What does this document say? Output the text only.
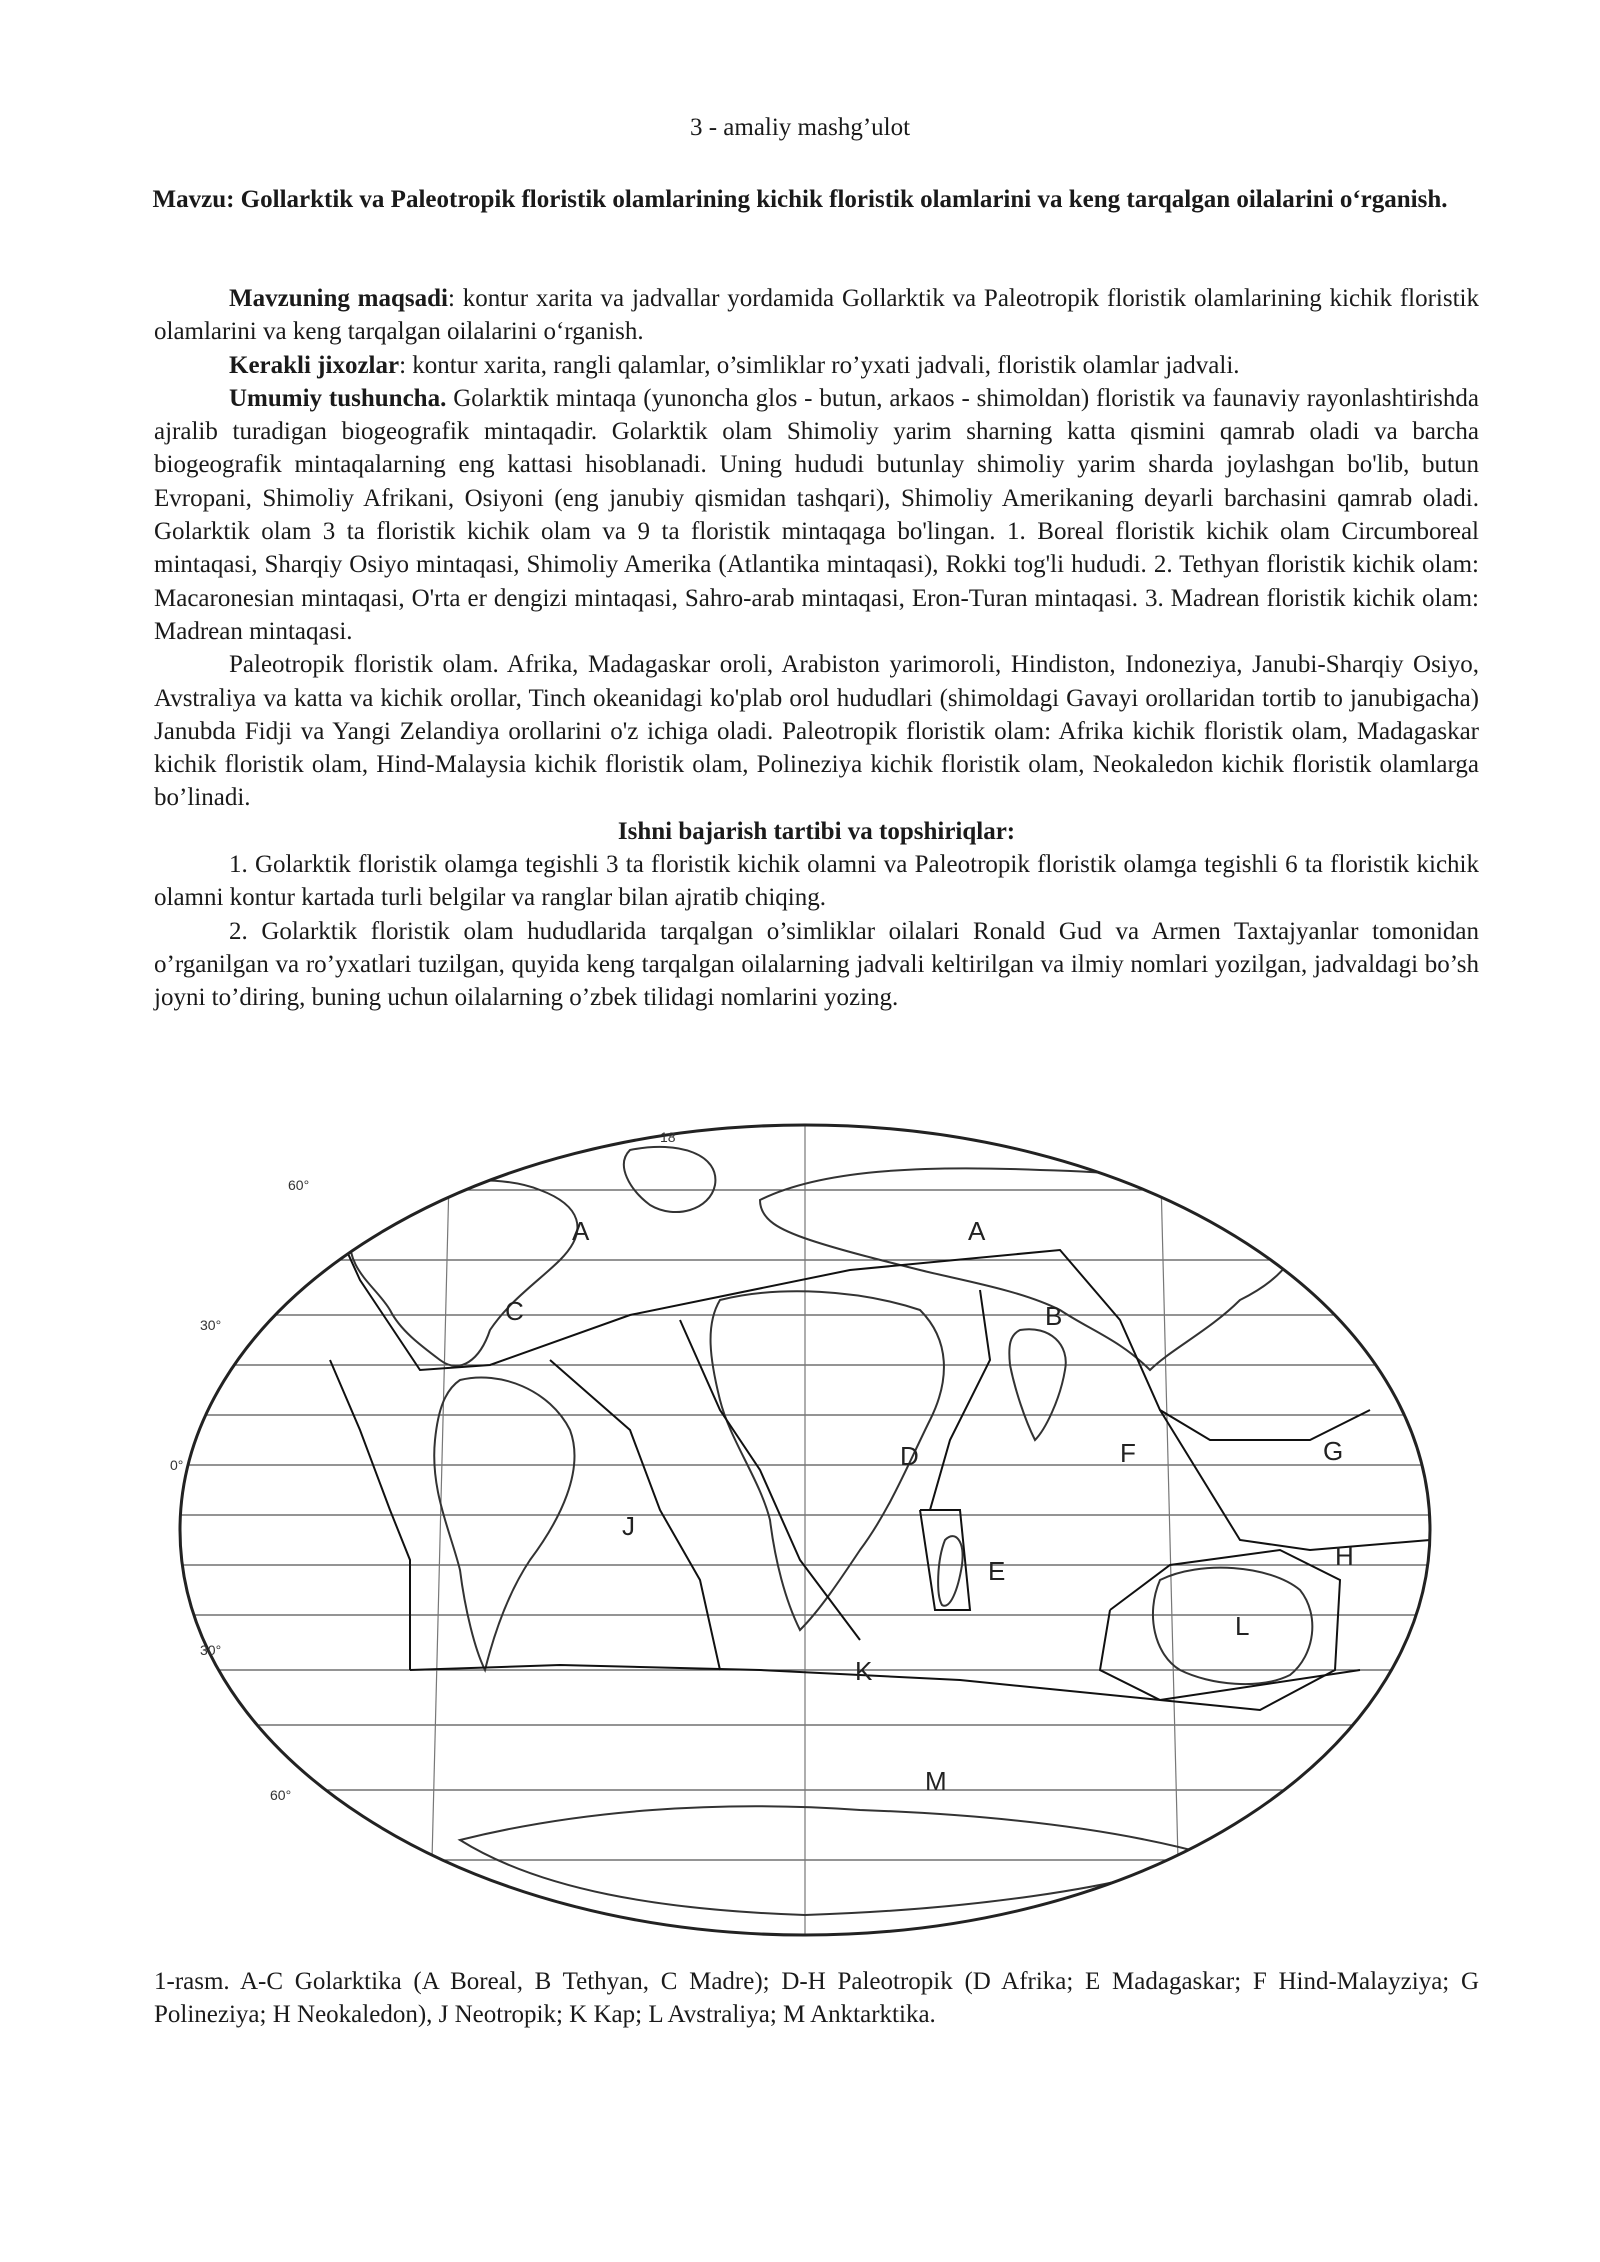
3 - amaliy mashg’ulot
Mavzu: Gollarktik va Paleotropik floristik olamlarining kichik floristik olamlarini va keng tarqalgan oilalarini o‘rganish.

Mavzuning maqsadi: kontur xarita va jadvallar yordamida Gollarktik va Paleotropik floristik olamlarining kichik floristik olamlarini va keng tarqalgan oilalarini o‘rganish.

Kerakli jixozlar: kontur xarita, rangli qalamlar, o’simliklar ro’yxati jadvali, floristik olamlar jadvali.

Umumiy tushuncha. Golarktik mintaqa (yunoncha glos - butun, arkaos - shimoldan) floristik va faunaviy rayonlashtirishda ajralib turadigan biogeografik mintaqadir. Golarktik olam Shimoliy yarim sharning katta qismini qamrab oladi va barcha biogeografik mintaqalarning eng kattasi hisoblanadi. Uning hududi butunlay shimoliy yarim sharda joylashgan bo'lib, butun Evropani, Shimoliy Afrikani, Osiyoni (eng janubiy qismidan tashqari), Shimoliy Amerikaning deyarli barchasini qamrab oladi. Golarktik olam 3 ta floristik kichik olam va 9 ta floristik mintaqaga bo'lingan. 1. Boreal floristik kichik olam Circumboreal mintaqasi, Sharqiy Osiyo mintaqasi, Shimoliy Amerika (Atlantika mintaqasi), Rokki tog'li hududi. 2. Tethyan floristik kichik olam: Macaronesian mintaqasi, O'rta er dengizi mintaqasi, Sahro-arab mintaqasi, Eron-Turan mintaqasi. 3. Madrean floristik kichik olam: Madrean mintaqasi.

Paleotropik floristik olam. Afrika, Madagaskar oroli, Arabiston yarimoroli, Hindiston, Indoneziya, Janubi-Sharqiy Osiyo, Avstraliya va katta va kichik orollar, Tinch okeanidagi ko'plab orol hududlari (shimoldagi Gavayi orollaridan tortib to janubigacha) Janubda Fidji va Yangi Zelandiya orollarini o'z ichiga oladi. Paleotropik floristik olam: Afrika kichik floristik olam, Madagaskar kichik floristik olam, Hind-Malaysia kichik floristik olam, Polineziya kichik floristik olam, Neokaledon kichik floristik olamlarga bo’linadi.

Ishni bajarish tartibi va topshiriqlar:

1. Golarktik floristik olamga tegishli 3 ta floristik kichik olamni va Paleotropik floristik olamga tegishli 6 ta floristik kichik olamni kontur kartada turli belgilar va ranglar bilan ajratib chiqing.

2. Golarktik floristik olam hududlarida tarqalgan o’simliklar oilalari Ronald Gud va Armen Taxtajyanlar tomonidan o’rganilgan va ro’yxatlari tuzilgan, quyida keng tarqalgan oilalarning jadvali keltirilgan va ilmiy nomlari yozilgan, jadvaldagi bo’sh joyni to’diring, buning uchun oilalarning o’zbek tilidagi nomlarini yozing.

60°
30°
0°
30°
60°
18
A	A
B
C
D
E
F	G
H
J
K
L
M
1-rasm. A-C Golarktika (A Boreal, B Tethyan, C Madre); D-H Paleotropik (D Afrika; E Madagaskar; F Hind-Malayziya; G Polineziya; H Neokaledon), J Neotropik; K Kap; L Avstraliya; M Anktarktika.
